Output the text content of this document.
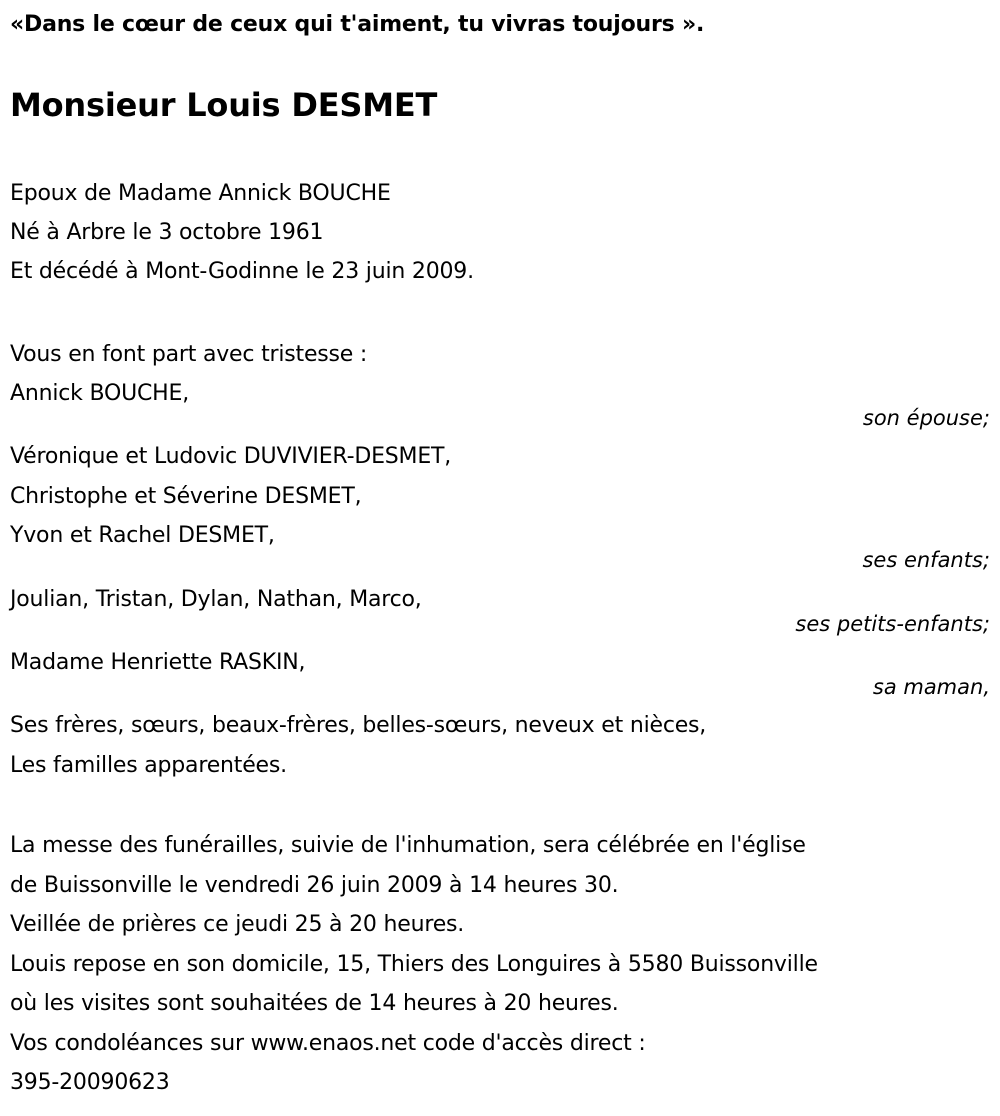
«Dans le cœur de ceux qui t'aiment, tu vivras toujours ».
Monsieur Louis DESMET
Epoux de Madame Annick BOUCHE
Né à Arbre le 3 octobre 1961
Et décédé à Mont-Godinne le 23 juin 2009.
Vous en font part avec tristesse :
Annick BOUCHE,
son épouse;
Véronique et Ludovic DUVIVIER-DESMET,
Christophe et Séverine DESMET,
Yvon et Rachel DESMET,
ses enfants;
Joulian, Tristan, Dylan, Nathan, Marco,
ses petits-enfants;
Madame Henriette RASKIN,
sa maman,
Ses frères, sœurs, beaux-frères, belles-sœurs, neveux et nièces,
Les familles apparentées.
La messe des funérailles, suivie de l'inhumation, sera célébrée en l'église
de Buissonville le vendredi 26 juin 2009 à 14 heures 30.
Veillée de prières ce jeudi 25 à 20 heures.
Louis repose en son domicile, 15, Thiers des Longuires à 5580 Buissonville
où les visites sont souhaitées de 14 heures à 20 heures.
Vos condoléances sur www.enaos.net code d'accès direct :
395-20090623
